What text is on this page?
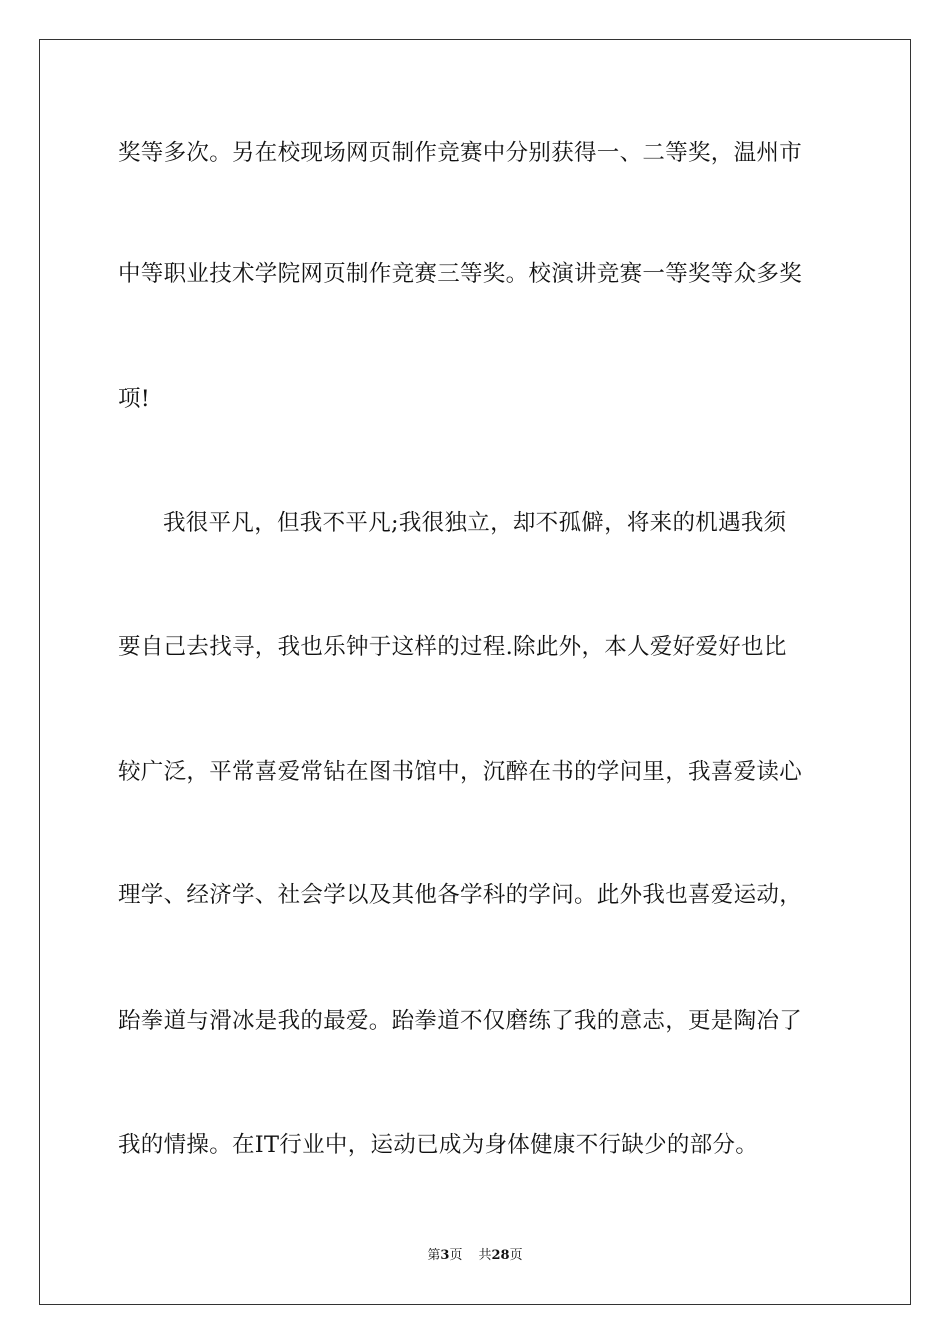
奖等多次。另在校现场网页制作竞赛中分别获得一、二等奖，温州市
中等职业技术学院网页制作竞赛三等奖。校演讲竞赛一等奖等众多奖
项!
我很平凡，但我不平凡;我很独立，却不孤僻，将来的机遇我须
要自己去找寻，我也乐钟于这样的过程.除此外，本人爱好爱好也比
较广泛，平常喜爱常钻在图书馆中，沉醉在书的学问里，我喜爱读心
理学、经济学、社会学以及其他各学科的学问。此外我也喜爱运动，
跆拳道与滑冰是我的最爱。跆拳道不仅磨练了我的意志，更是陶冶了
我的情操。在IT行业中，运动已成为身体健康不行缺少的部分。
第3页 共28页
